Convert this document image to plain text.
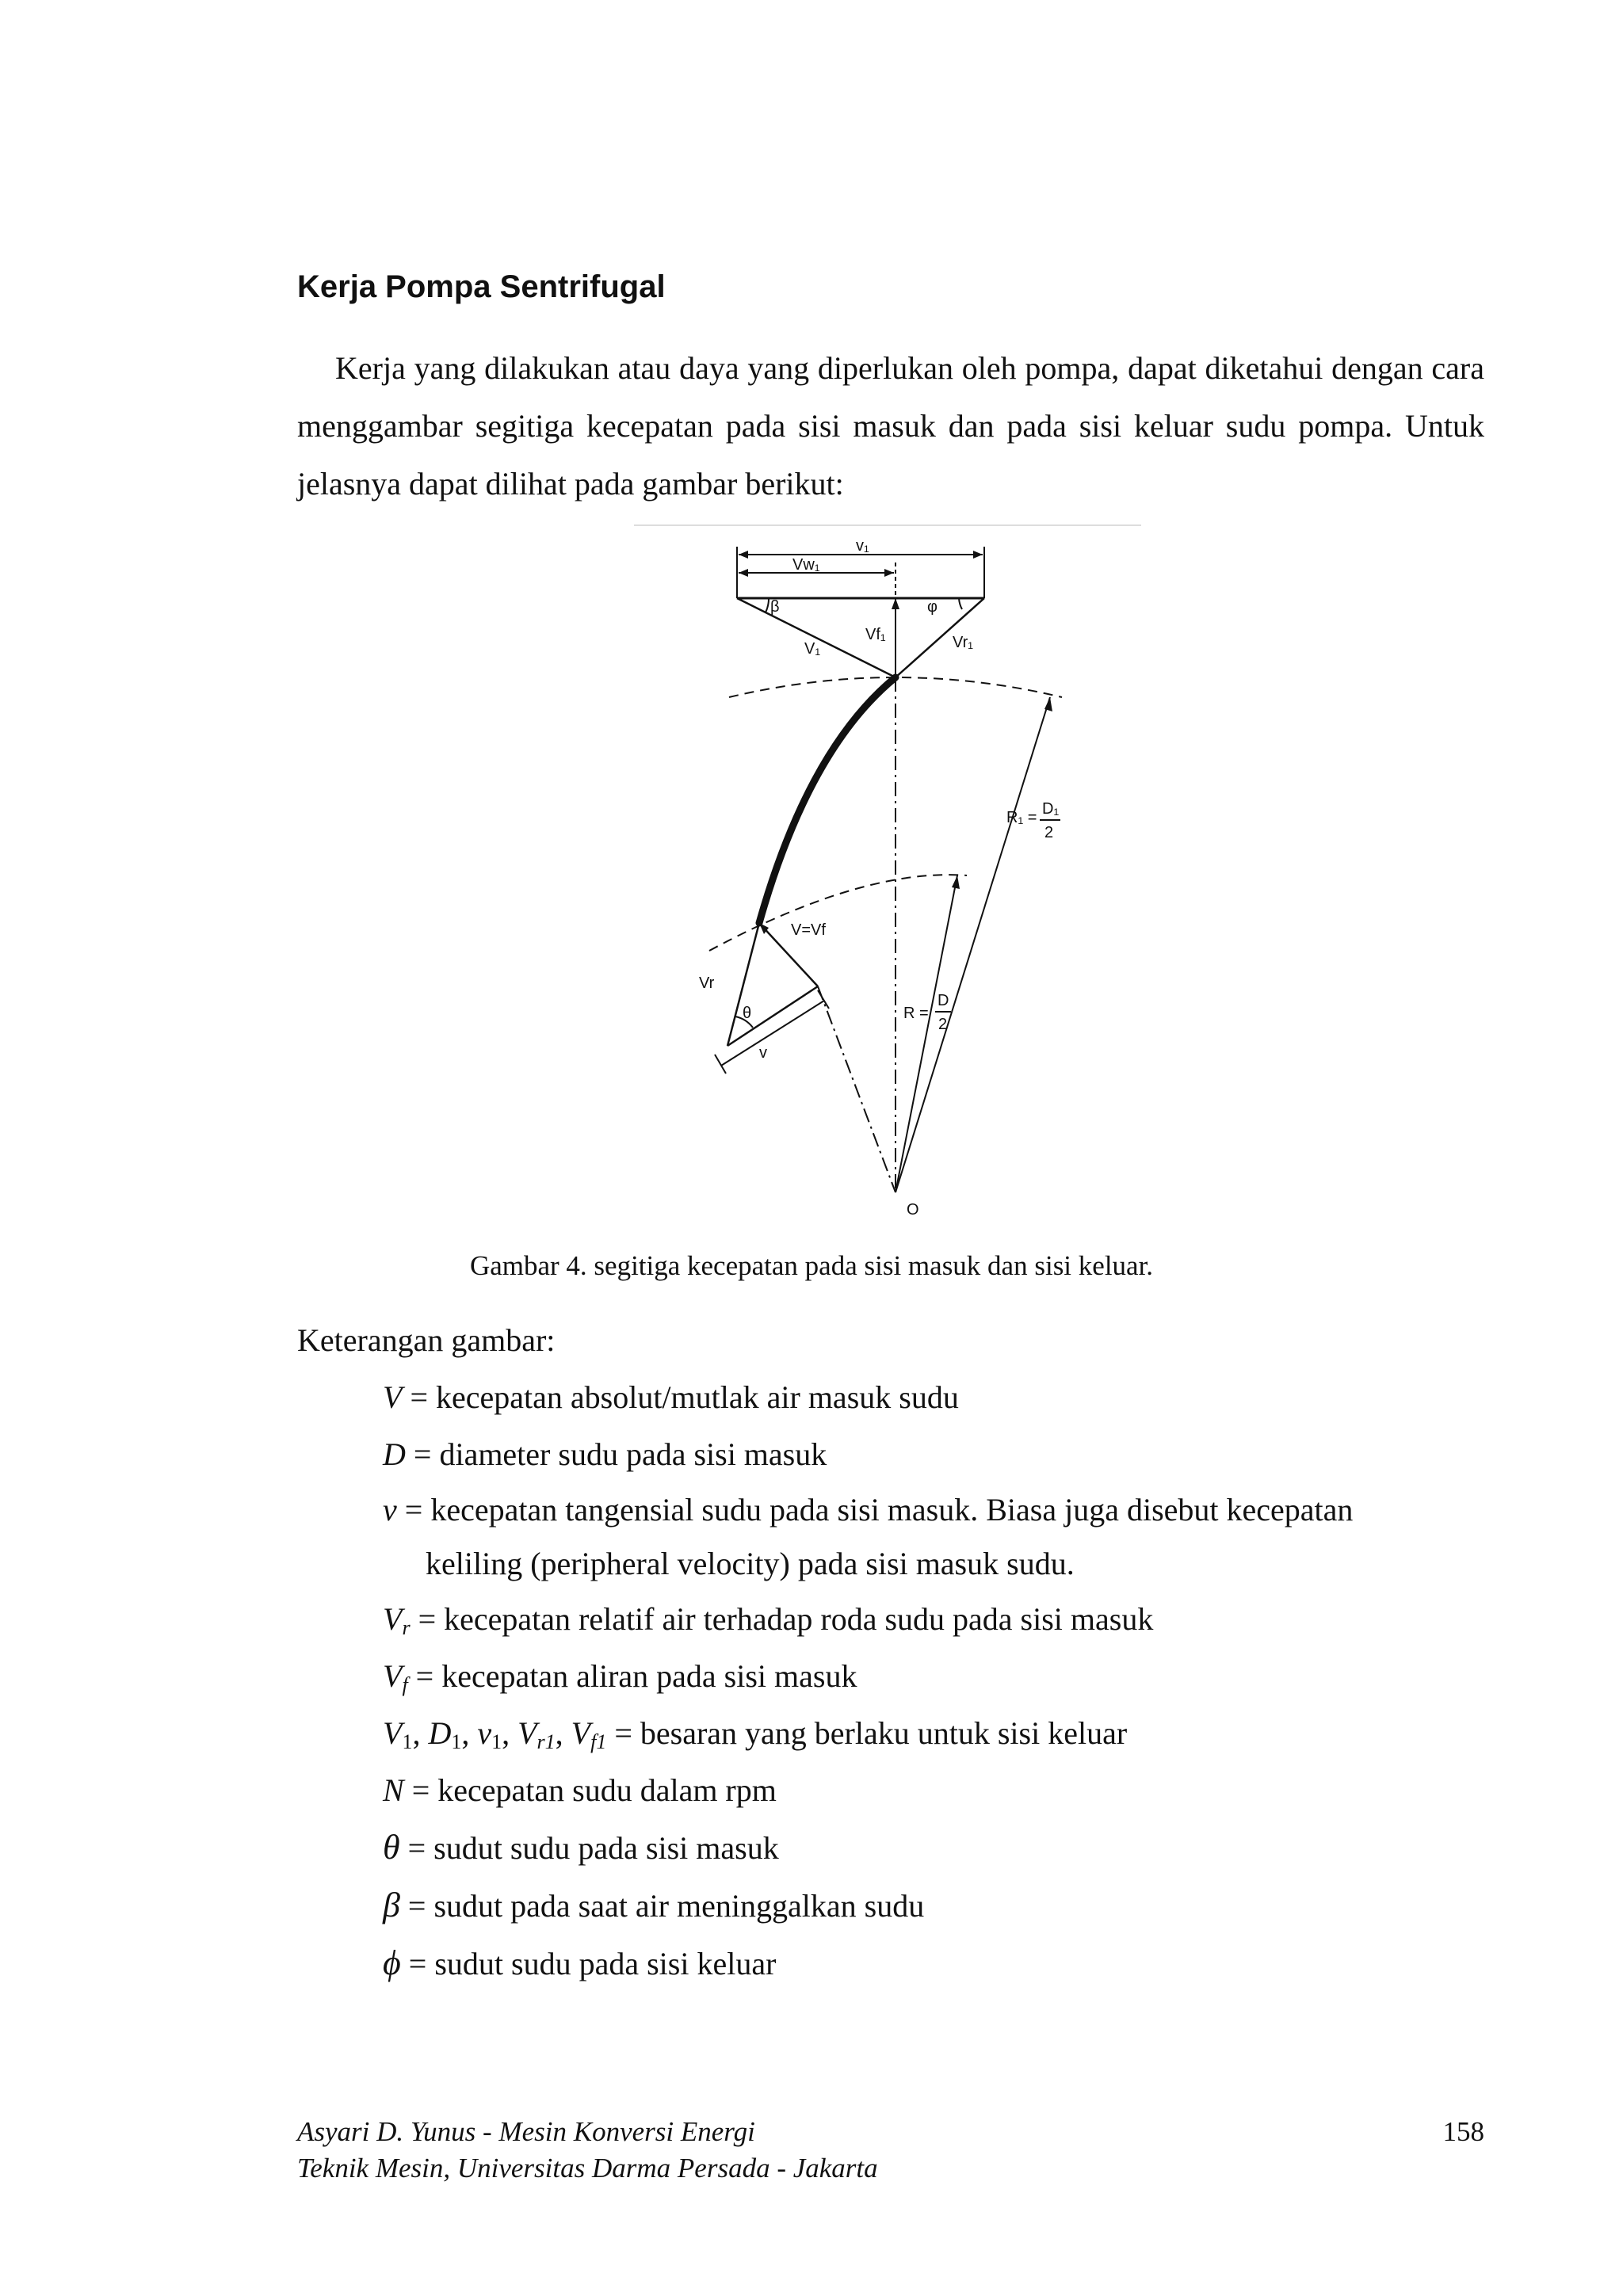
Kerja Pompa Sentrifugal

Kerja yang dilakukan atau daya yang diperlukan oleh pompa, dapat diketahui dengan cara menggambar segitiga kecepatan pada sisi masuk dan pada sisi keluar sudu pompa. Untuk jelasnya dapat dilihat pada gambar berikut:

v₁
Vw₁
β	φ
V₁
Vf₁	Vr₁
R₁ = D₁
2
R =
D
2
Vr
V=Vf
θ
v
O

Gambar 4. segitiga kecepatan pada sisi masuk dan sisi keluar.

Keterangan gambar:

V = kecepatan absolut/mutlak air masuk sudu
D = diameter sudu pada sisi masuk
v = kecepatan tangensial sudu pada sisi masuk. Biasa juga disebut kecepatan
keliling (peripheral velocity) pada sisi masuk sudu.
$V_r$ = kecepatan relatif air terhadap roda sudu pada sisi masuk
$V_f$ = kecepatan aliran pada sisi masuk
$V_1$, $D_1$, $v_1$, $V_{r1}$, $V_{f1}$ = besaran yang berlaku untuk sisi keluar
N = kecepatan sudu dalam rpm
θ = sudut sudu pada sisi masuk
β = sudut pada saat air meninggalkan sudu
ϕ = sudut sudu pada sisi keluar

Asyari D. Yunus - Mesin Konversi Energi
Teknik Mesin, Universitas Darma Persada - Jakarta

158
